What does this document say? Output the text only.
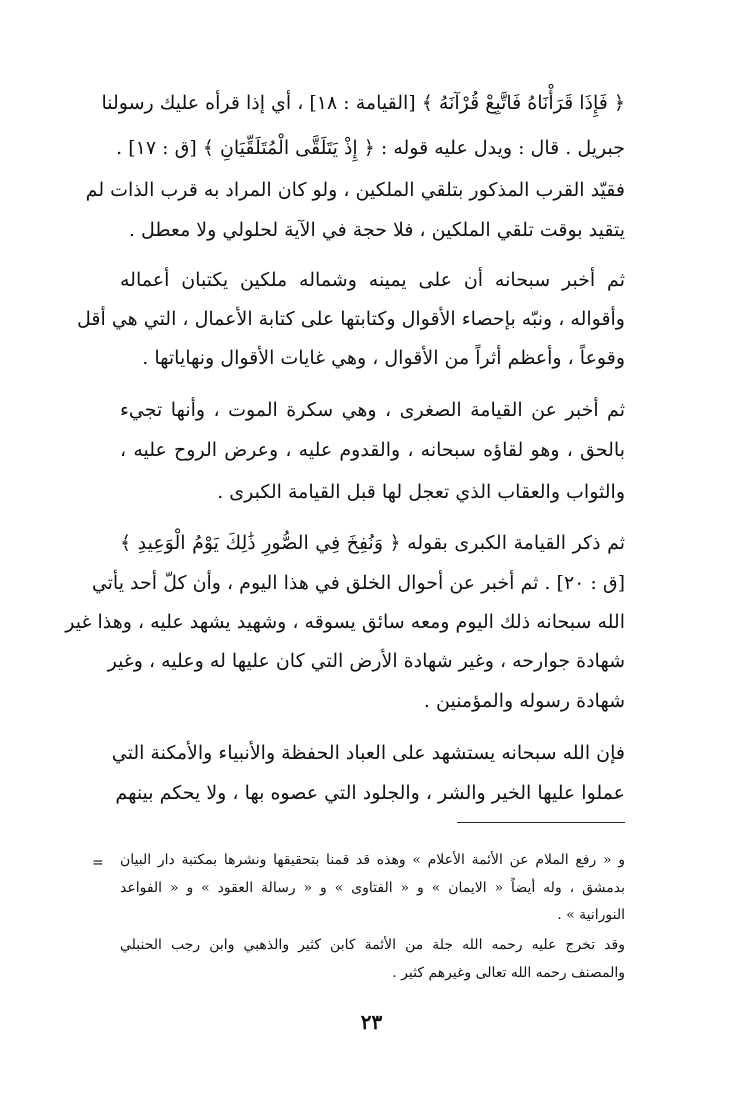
﴿ فَإِذَا قَرَأْنَاهُ فَاتَّبِعْ قُرْآنَهُ ﴾ [القيامة : ١٨] ، أي إذا قرأه عليك رسولنا
جبريل . قال : ويدل عليه قوله : ﴿ إِذْ يَتَلَقَّى الْمُتَلَقِّيَانِ ﴾ [ق : ١٧] .
فقيّد القرب المذكور بتلقي الملكين ، ولو كان المراد به قرب الذات لم
يتقيد بوقت تلقي الملكين ، فلا حجة في الآية لحلولي ولا معطل .
ثم أخبر سبحانه أن على يمينه وشماله ملكين يكتبان أعماله
وأقواله ، ونبّه بإحصاء الأقوال وكتابتها على كتابة الأعمال ، التي هي أقل
وقوعاً ، وأعظم أثراً من الأقوال ، وهي غايات الأقوال ونهاياتها .
ثم أخبر عن القيامة الصغرى ، وهي سكرة الموت ، وأنها تجيء
بالحق ، وهو لقاؤه سبحانه ، والقدوم عليه ، وعرض الروح عليه ،
والثواب والعقاب الذي تعجل لها قبل القيامة الكبرى .
ثم ذكر القيامة الكبرى بقوله ﴿ وَنُفِخَ فِي الصُّورِ ذَٰلِكَ يَوْمُ الْوَعِيدِ ﴾
[ق : ٢٠] . ثم أخبر عن أحوال الخلق في هذا اليوم ، وأن كلّ أحد يأتي
الله سبحانه ذلك اليوم ومعه سائق يسوقه ، وشهيد يشهد عليه ، وهذا غير
شهادة جوارحه ، وغير شهادة الأرض التي كان عليها له وعليه ، وغير
شهادة رسوله والمؤمنين .
فإن الله سبحانه يستشهد على العباد الحفظة والأنبياء والأمكنة التي
عملوا عليها الخير والشر ، والجلود التي عصوه بها ، ولا يحكم بينهم
= و « رفع الملام عن الأئمة الأعلام » وهذه قد قمنا بتحقيقها ونشرها بمكتبة دار البيان
بدمشق ، وله أيضاً « الايمان » و « الفتاوى » و « رسالة العقود » و « الفواعد
النورانية » .
وقد تخرج عليه رحمه الله جلة من الأئمة كابن كثير والذهبي وابن رجب الحنبلي
والمصنف رحمه الله تعالى وغيرهم كثير .
٢٣
